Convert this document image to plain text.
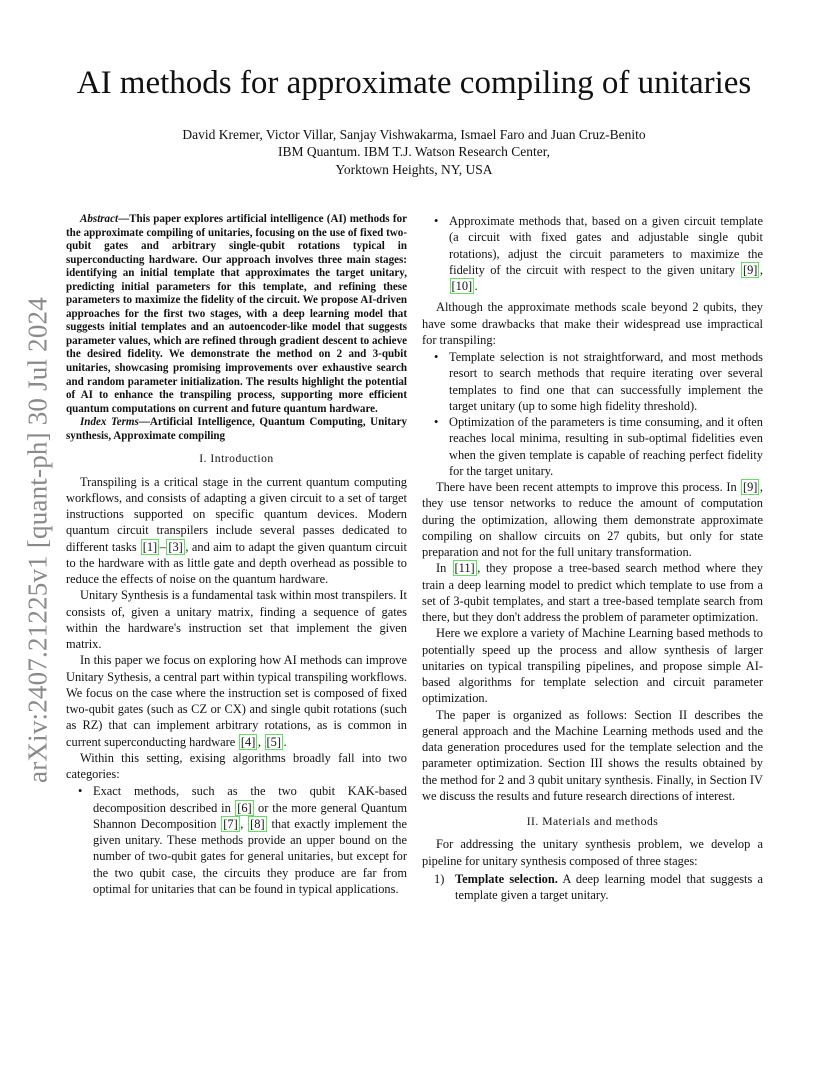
arXiv:2407.21225v1 [quant-ph] 30 Jul 2024
AI methods for approximate compiling of unitaries
David Kremer, Victor Villar, Sanjay Vishwakarma, Ismael Faro and Juan Cruz-Benito
IBM Quantum. IBM T.J. Watson Research Center,
Yorktown Heights, NY, USA

Abstract—This paper explores artificial intelligence (AI) methods for the approximate compiling of unitaries, focusing on the use of fixed two-qubit gates and arbitrary single-qubit rotations typical in superconducting hardware. Our approach involves three main stages: identifying an initial template that approximates the target unitary, predicting initial parameters for this template, and refining these parameters to maximize the fidelity of the circuit. We propose AI-driven approaches for the first two stages, with a deep learning model that suggests initial templates and an autoencoder-like model that suggests parameter values, which are refined through gradient descent to achieve the desired fidelity. We demonstrate the method on 2 and 3-qubit unitaries, showcasing promising improvements over exhaustive search and random parameter initialization. The results highlight the potential of AI to enhance the transpiling process, supporting more efficient quantum computations on current and future quantum hardware.

Index Terms—Artificial Intelligence, Quantum Computing, Unitary synthesis, Approximate compiling

I. Introduction

Transpiling is a critical stage in the current quantum computing workflows, and consists of adapting a given circuit to a set of target instructions supported on specific quantum devices. Modern quantum circuit transpilers include several passes dedicated to different tasks [1] – [3] , and aim to adapt the given quantum circuit to the hardware with as little gate and depth overhead as possible to reduce the effects of noise on the quantum hardware.

Unitary Synthesis is a fundamental task within most transpilers. It consists of, given a unitary matrix, finding a sequence of gates within the hardware's instruction set that implement the given matrix.

In this paper we focus on exploring how AI methods can improve Unitary Sythesis, a central part within typical transpiling workflows. We focus on the case where the instruction set is composed of fixed two-qubit gates (such as CZ or CX) and single qubit rotations (such as RZ) that can implement arbitrary rotations, as is common in current superconducting hardware [4] , [5] .

Within this setting, exising algorithms broadly fall into two categories:

• Exact methods, such as the two qubit KAK-based decomposition described in [6] or the more general Quantum Shannon Decomposition [7] , [8] that exactly implement the given unitary. These methods provide an upper bound on the number of two-qubit gates for general unitaries, but except for the two qubit case, the circuits they produce are far from optimal for unitaries that can be found in typical applications.
• Approximate methods that, based on a given circuit template (a circuit with fixed gates and adjustable single qubit rotations), adjust the circuit parameters to maximize the fidelity of the circuit with respect to the given unitary [9] , [10] .

Although the approximate methods scale beyond 2 qubits, they have some drawbacks that make their widespread use impractical for transpiling:

• Template selection is not straightforward, and most methods resort to search methods that require iterating over several templates to find one that can successfully implement the target unitary (up to some high fidelity threshold).
• Optimization of the parameters is time consuming, and it often reaches local minima, resulting in sub-optimal fidelities even when the given template is capable of reaching perfect fidelity for the target unitary.

There have been recent attempts to improve this process. In [9] , they use tensor networks to reduce the amount of computation during the optimization, allowing them demonstrate approximate compiling on shallow circuits on 27 qubits, but only for state preparation and not for the full unitary transformation.

In [11] , they propose a tree-based search method where they train a deep learning model to predict which template to use from a set of 3-qubit templates, and start a tree-based template search from there, but they don't address the problem of parameter optimization.

Here we explore a variety of Machine Learning based methods to potentially speed up the process and allow synthesis of larger unitaries on typical transpiling pipelines, and propose simple AI-based algorithms for template selection and circuit parameter optimization.

The paper is organized as follows: Section II describes the general approach and the Machine Learning methods used and the data generation procedures used for the template selection and the parameter optimization. Section III shows the results obtained by the method for 2 and 3 qubit unitary synthesis. Finally, in Section IV we discuss the results and future research directions of interest.

II. Materials and methods

For addressing the unitary synthesis problem, we develop a pipeline for unitary synthesis composed of three stages:

1) Template selection. A deep learning model that suggests a template given a target unitary.
